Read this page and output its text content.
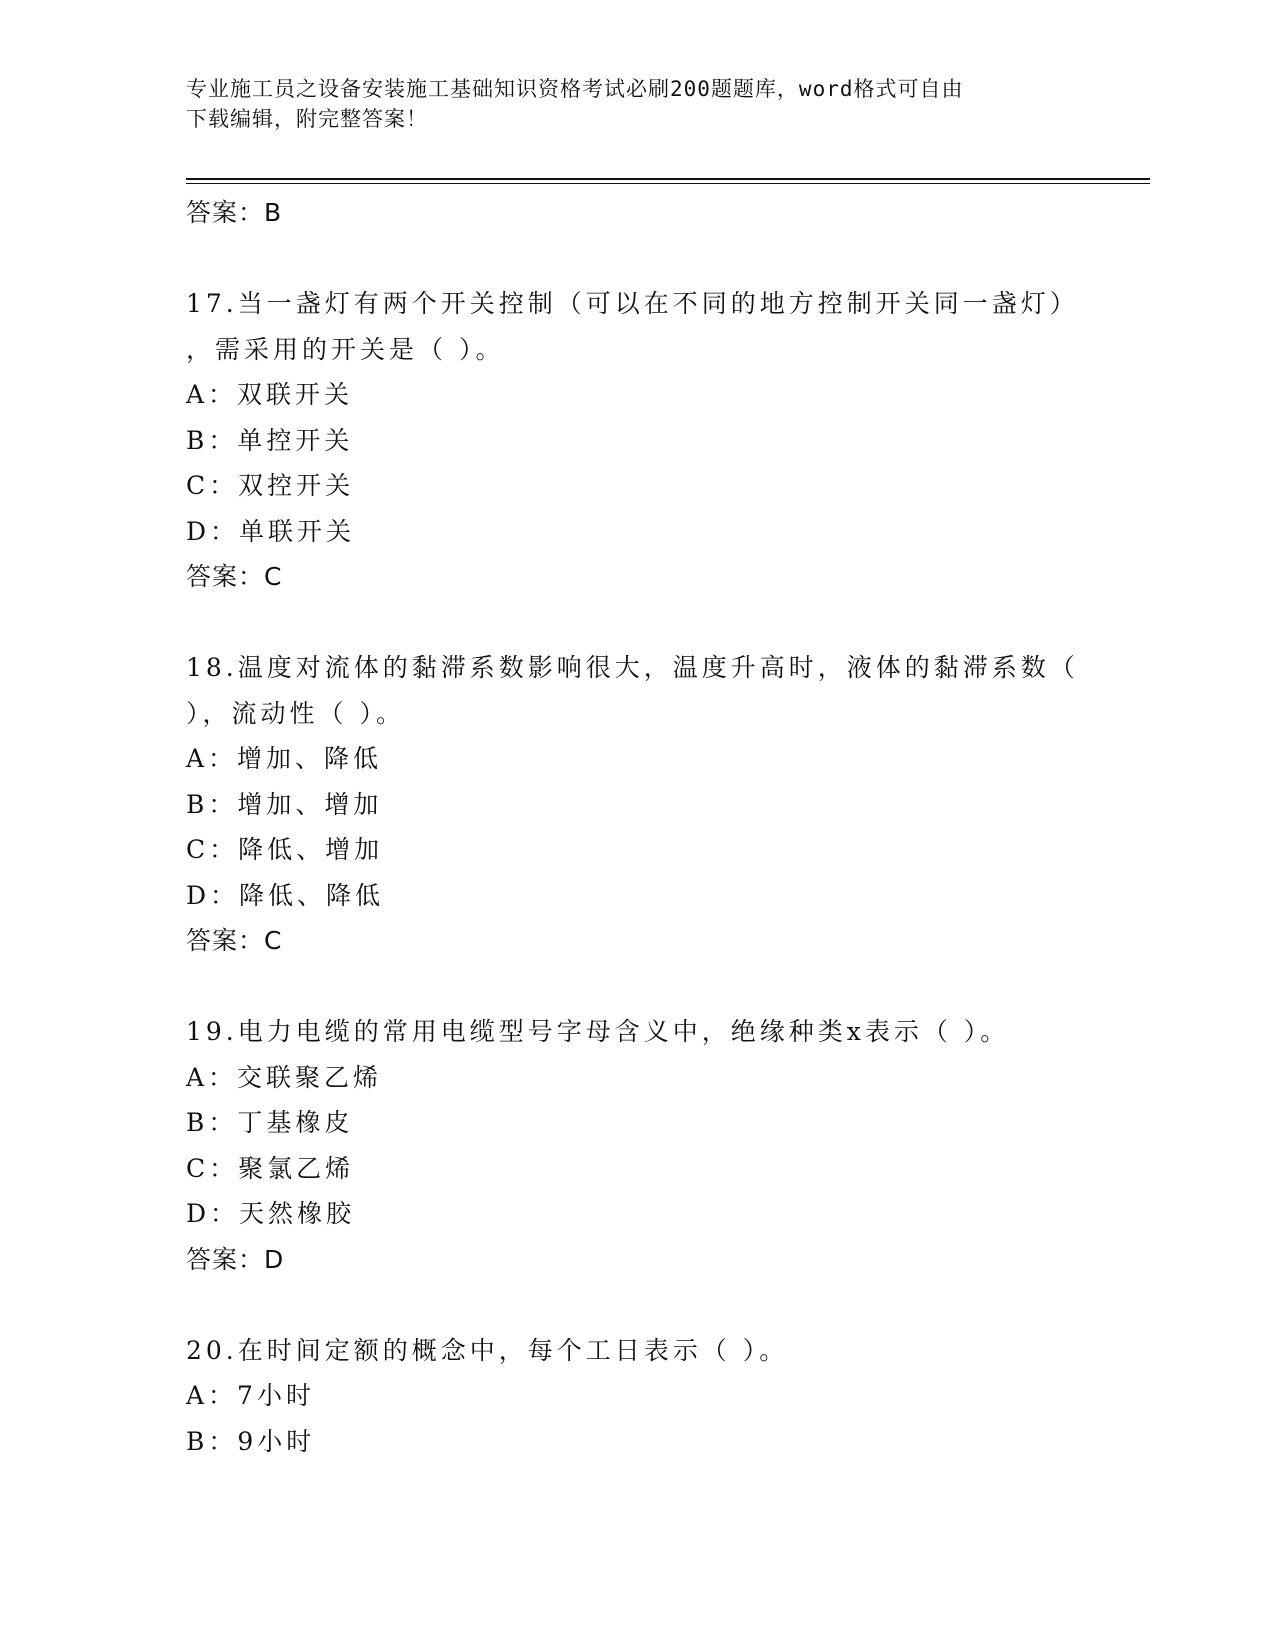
专业施工员之设备安装施工基础知识资格考试必刷200题题库，word格式可自由
下载编辑，附完整答案！
答案：B
17.当一盏灯有两个开关控制（可以在不同的地方控制开关同一盏灯）
，需采用的开关是（ ）。
A：双联开关
B：单控开关
C：双控开关
D：单联开关
答案：C
18.温度对流体的黏滞系数影响很大，温度升高时，液体的黏滞系数（
），流动性（ ）。
A：增加、降低
B：增加、增加
C：降低、增加
D：降低、降低
答案：C
19.电力电缆的常用电缆型号字母含义中，绝缘种类x表示（ ）。
A：交联聚乙烯
B：丁基橡皮
C：聚氯乙烯
D：天然橡胶
答案：D
20.在时间定额的概念中，每个工日表示（ ）。
A：7小时
B：9小时
